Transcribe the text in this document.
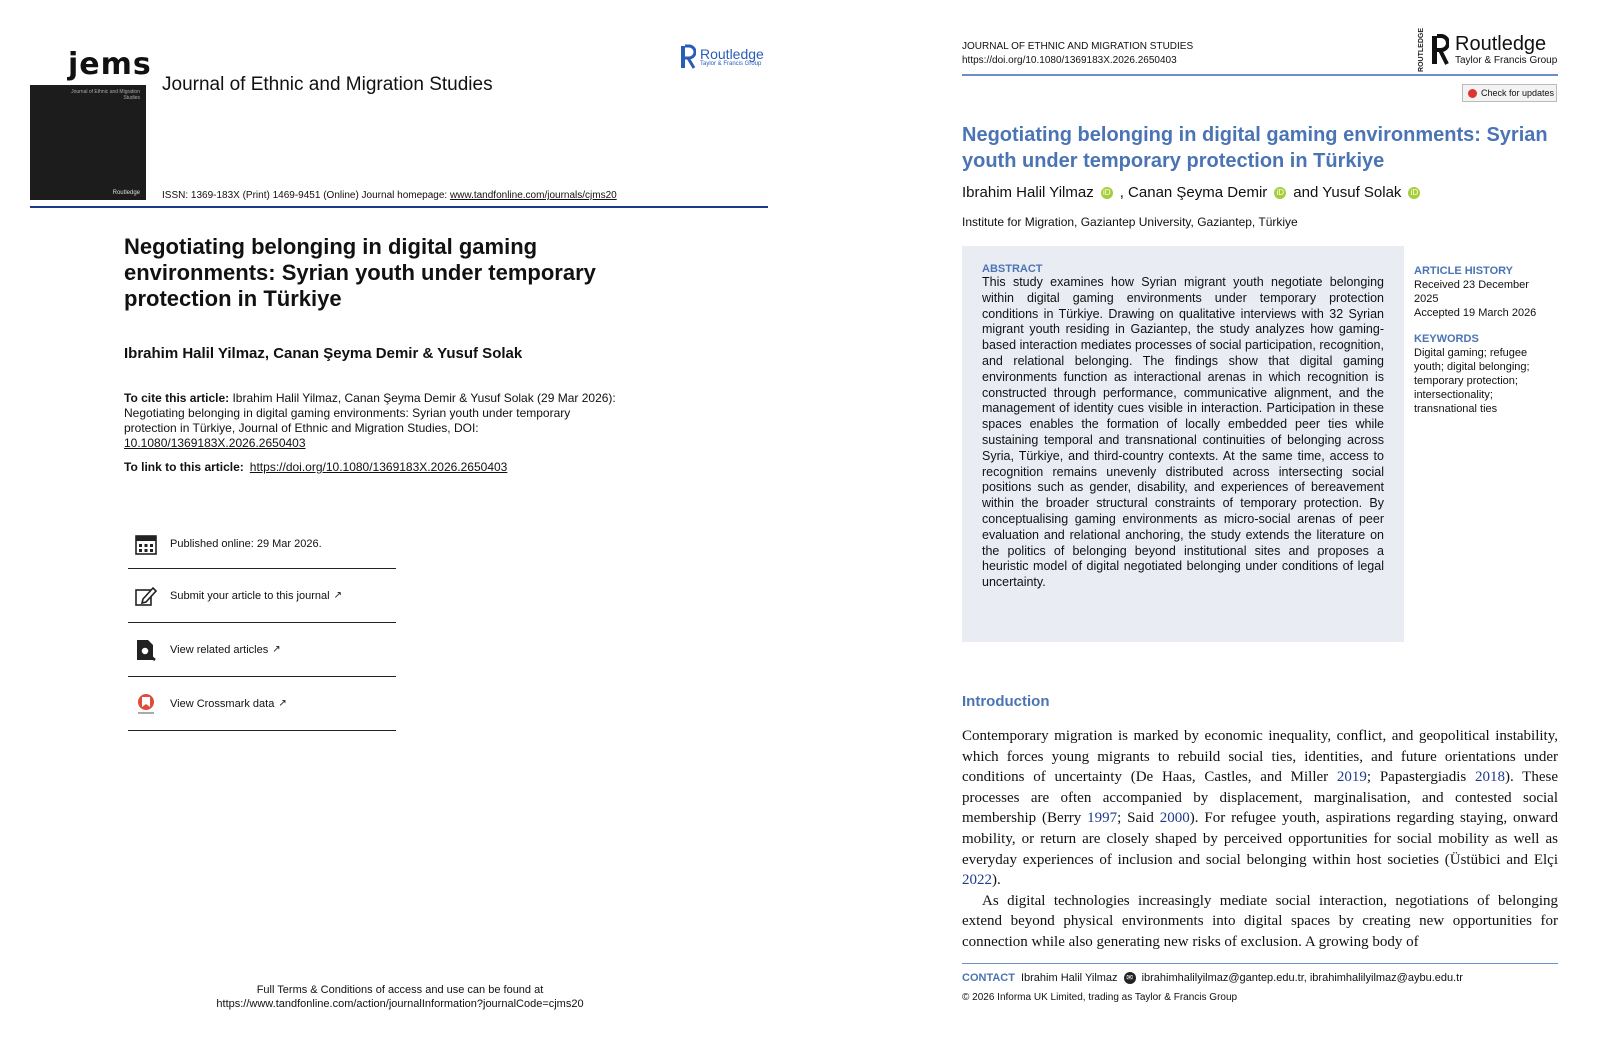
Journal of Ethnic and Migration Studies
Routledge
jems
Journal of Ethnic and Migration Studies
Routledge
Taylor & Francis Group
ISSN: 1369-183X (Print) 1469-9451 (Online) Journal homepage: www.tandfonline.com/journals/cjms20
Negotiating belonging in digital gaming environments: Syrian youth under temporary protection in Türkiye
Ibrahim Halil Yilmaz, Canan Şeyma Demir & Yusuf Solak
To cite this article: Ibrahim Halil Yilmaz, Canan Şeyma Demir & Yusuf Solak (29 Mar 2026): Negotiating belonging in digital gaming environments: Syrian youth under temporary protection in Türkiye, Journal of Ethnic and Migration Studies, DOI: 10.1080/1369183X.2026.2650403
To link to this article: https://doi.org/10.1080/1369183X.2026.2650403
Published online: 29 Mar 2026.
Submit your article to this journal ↗
View related articles ↗
View Crossmark data ↗
Full Terms & Conditions of access and use can be found at
https://www.tandfonline.com/action/journalInformation?journalCode=cjms20
JOURNAL OF ETHNIC AND MIGRATION STUDIES
https://doi.org/10.1080/1369183X.2026.2650403	ROUTLEDGE Routledge
Taylor & Francis Group
Check for updates
Negotiating belonging in digital gaming environments: Syrian youth under temporary protection in Türkiye
Ibrahim Halil Yilmaz iD , Canan Şeyma Demir iD and Yusuf Solak iD
Institute for Migration, Gaziantep University, Gaziantep, Türkiye
ABSTRACT
This study examines how Syrian migrant youth negotiate belonging within digital gaming environments under temporary protection conditions in Türkiye. Drawing on qualitative interviews with 32 Syrian migrant youth residing in Gaziantep, the study analyzes how gaming-based interaction mediates processes of social participation, recognition, and relational belonging. The findings show that digital gaming environments function as interactional arenas in which recognition is constructed through performance, communicative alignment, and the management of identity cues visible in interaction. Participation in these spaces enables the formation of locally embedded peer ties while sustaining temporal and transnational continuities of belonging across Syria, Türkiye, and third-country contexts. At the same time, access to recognition remains unevenly distributed across intersecting social positions such as gender, disability, and experiences of bereavement within the broader structural constraints of temporary protection. By conceptualising gaming environments as micro-social arenas of peer evaluation and relational anchoring, the study extends the literature on the politics of belonging beyond institutional sites and proposes a heuristic model of digital negotiated belonging under conditions of legal uncertainty.
ARTICLE HISTORY
Received 23 December 2025
Accepted 19 March 2026
KEYWORDS
Digital gaming; refugee youth; digital belonging; temporary protection; intersectionality; transnational ties
Introduction

Contemporary migration is marked by economic inequality, conflict, and geopolitical instability, which forces young migrants to rebuild social ties, identities, and future orientations under conditions of uncertainty (De Haas, Castles, and Miller 2019; Papastergiadis 2018). These processes are often accompanied by displacement, marginalisation, and contested social membership (Berry 1997; Said 2000). For refugee youth, aspirations regarding staying, onward mobility, or return are closely shaped by perceived opportunities for social mobility as well as everyday experiences of inclusion and social belonging within host societies (Üstübici and Elçi 2022).

As digital technologies increasingly mediate social interaction, negotiations of belonging extend beyond physical environments into digital spaces by creating new opportunities for connection while also generating new risks of exclusion. A growing body of

CONTACT Ibrahim Halil Yilmaz	✉ ibrahimhalilyilmaz@gantep.edu.tr, ibrahimhalilyilmaz@aybu.edu.tr
© 2026 Informa UK Limited, trading as Taylor & Francis Group
